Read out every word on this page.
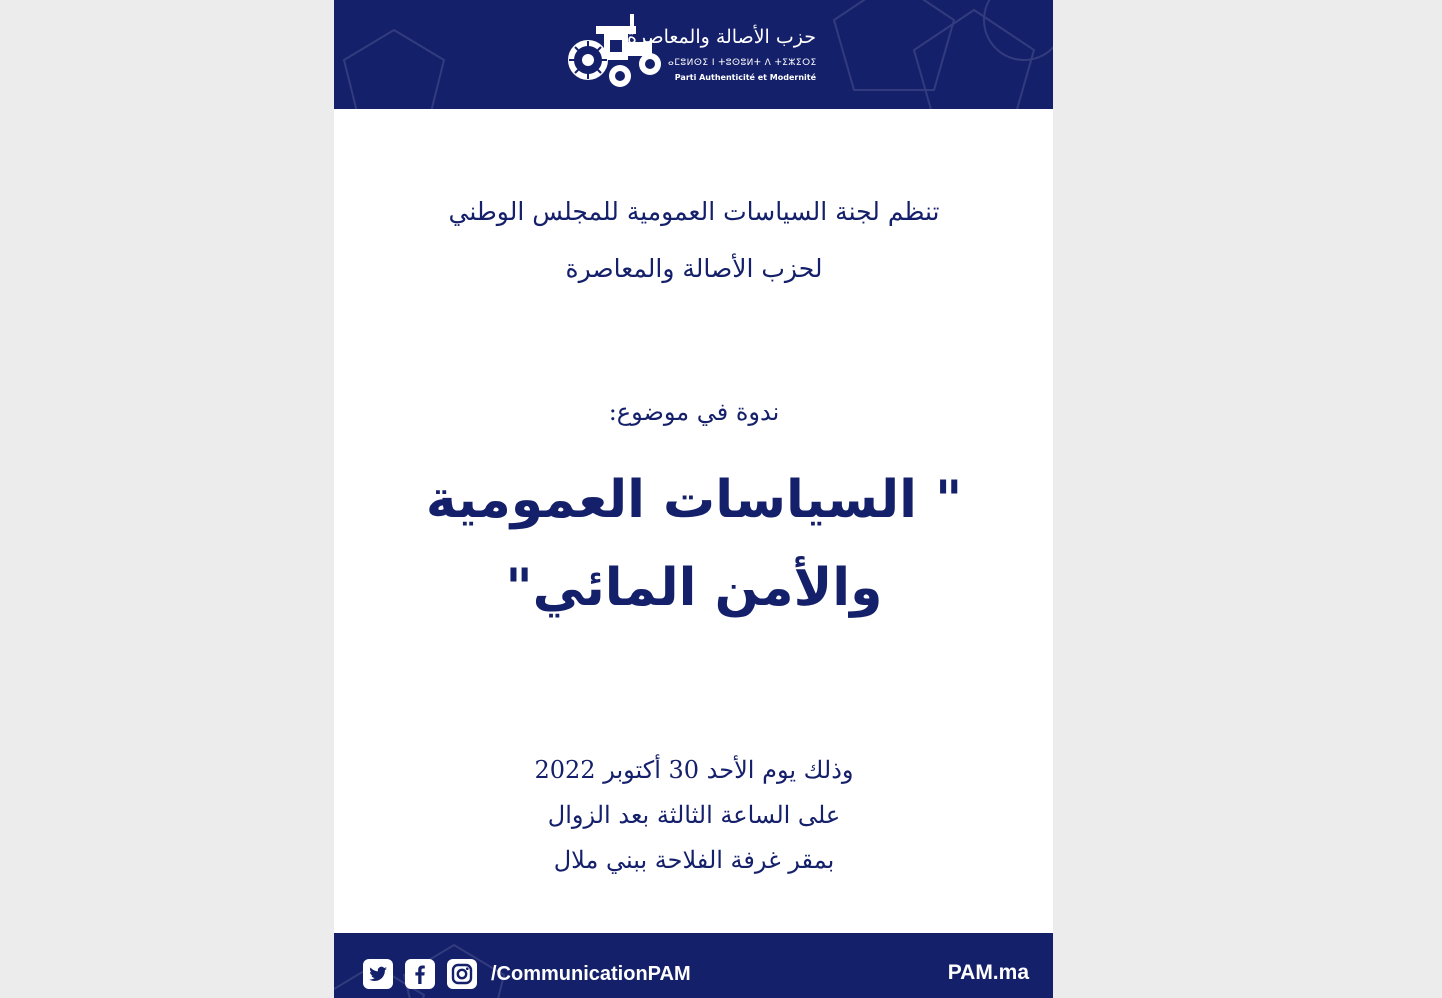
حزب الأصالة والمعاصرة
ⴰⵎⵓⵍⵙⵉ ⵏ ⵜⵓⵙⵓⵍⵜ ⴷ ⵜⵉⵣⵉⵔⵉ
Parti Authenticité et Modernité
تنظم لجنة السياسات العمومية للمجلس الوطني
لحزب الأصالة والمعاصرة
ندوة في موضوع:
" السياسات العمومية
والأمن المائي"
وذلك يوم الأحد 30 أكتوبر 2022
على الساعة الثالثة بعد الزوال
بمقر غرفة الفلاحة ببني ملال
/CommunicationPAM	PAM.ma
